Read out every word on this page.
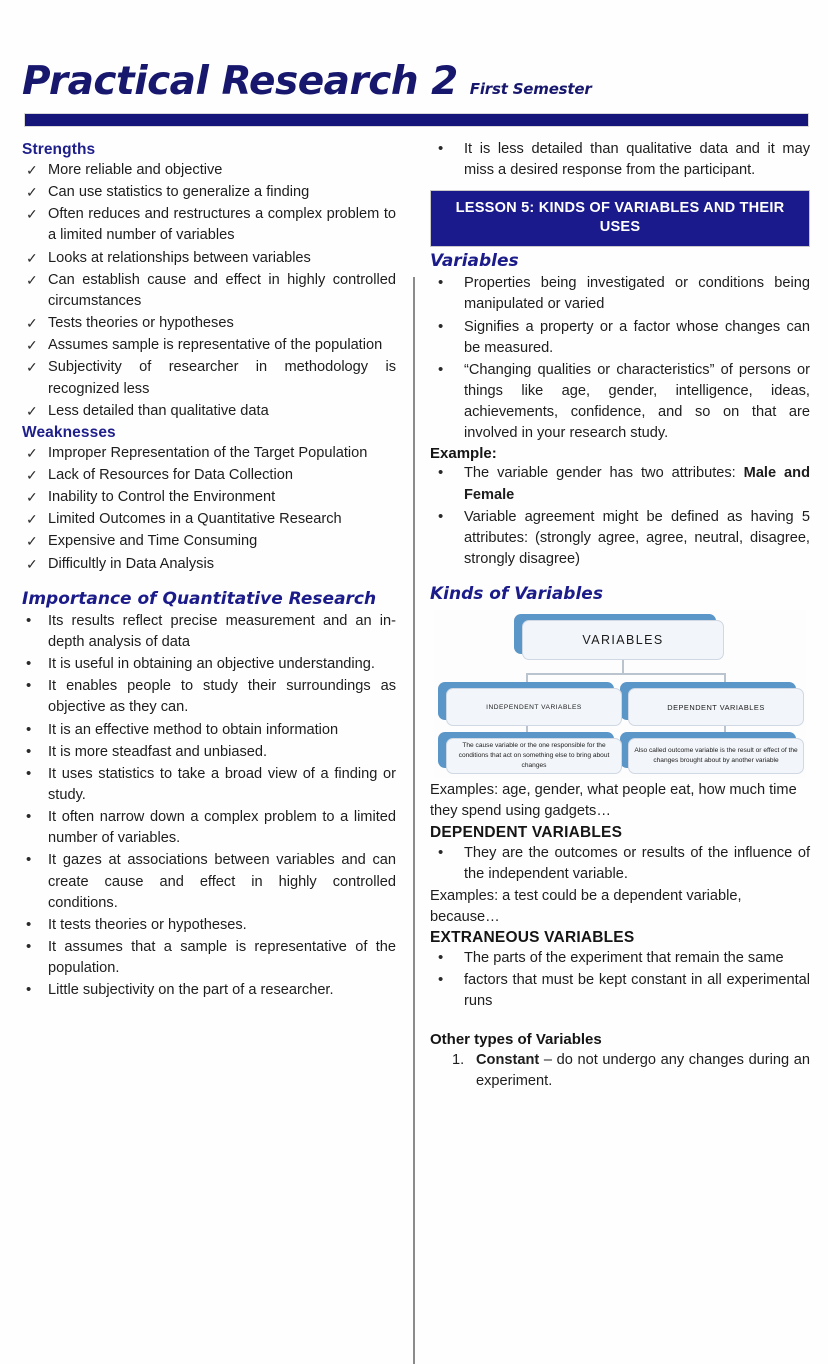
Practical Research 2 First Semester
Strengths
✓ More reliable and objective
✓ Can use statistics to generalize a finding
✓ Often reduces and restructures a complex problem to a limited number of variables
✓ Looks at relationships between variables
✓ Can establish cause and effect in highly controlled circumstances
✓ Tests theories or hypotheses
✓ Assumes sample is representative of the population
✓ Subjectivity of researcher in methodology is recognized less
✓ Less detailed than qualitative data
Weaknesses
✓ Improper Representation of the Target Population
✓ Lack of Resources for Data Collection
✓ Inability to Control the Environment
✓ Limited Outcomes in a Quantitative Research
✓ Expensive and Time Consuming
✓ Difficultly in Data Analysis
Importance of Quantitative Research
•	Its results reflect precise measurement and an in-depth analysis of data
•	It is useful in obtaining an objective understanding.
•	It enables people to study their surroundings as objective as they can.
•	It is an effective method to obtain information
•	It is more steadfast and unbiased.
•	It uses statistics to take a broad view of a finding or study.
•	It often narrow down a complex problem to a limited number of variables.
•	It gazes at associations between variables and can create cause and effect in highly controlled conditions.
•	It tests theories or hypotheses.
•	It assumes that a sample is representative of the population.
•	Little subjectivity on the part of a researcher.
•	It is less detailed than qualitative data and it may miss a desired response from the participant.
LESSON 5: KINDS OF VARIABLES AND THEIR USES
Variables
•	Properties being investigated or conditions being manipulated or varied
•	Signifies a property or a factor whose changes can be measured.
•	“Changing qualities or characteristics” of persons or things like age, gender, intelligence, ideas, achievements, confidence, and so on that are involved in your research study.
Example:
•	The variable gender has two attributes: Male and Female
•	Variable agreement might be defined as having 5 attributes: (strongly agree, agree, neutral, disagree, strongly disagree)
Kinds of Variables
VARIABLES
INDEPENDENT VARIABLES	DEPENDENT VARIABLES
The cause variable or the one responsible for the conditions that act on something else to bring about changes
Also called outcome variable is the result or effect of the changes brought about by another variable

Examples: age, gender, what people eat, how much time they spend using gadgets…

DEPENDENT VARIABLES
•	They are the outcomes or results of the influence of the independent variable.

Examples: a test could be a dependent variable, because…

EXTRANEOUS VARIABLES
•	The parts of the experiment that remain the same
•	factors that must be kept constant in all experimental runs
Other types of Variables
1. Constant – do not undergo any changes during an experiment.
